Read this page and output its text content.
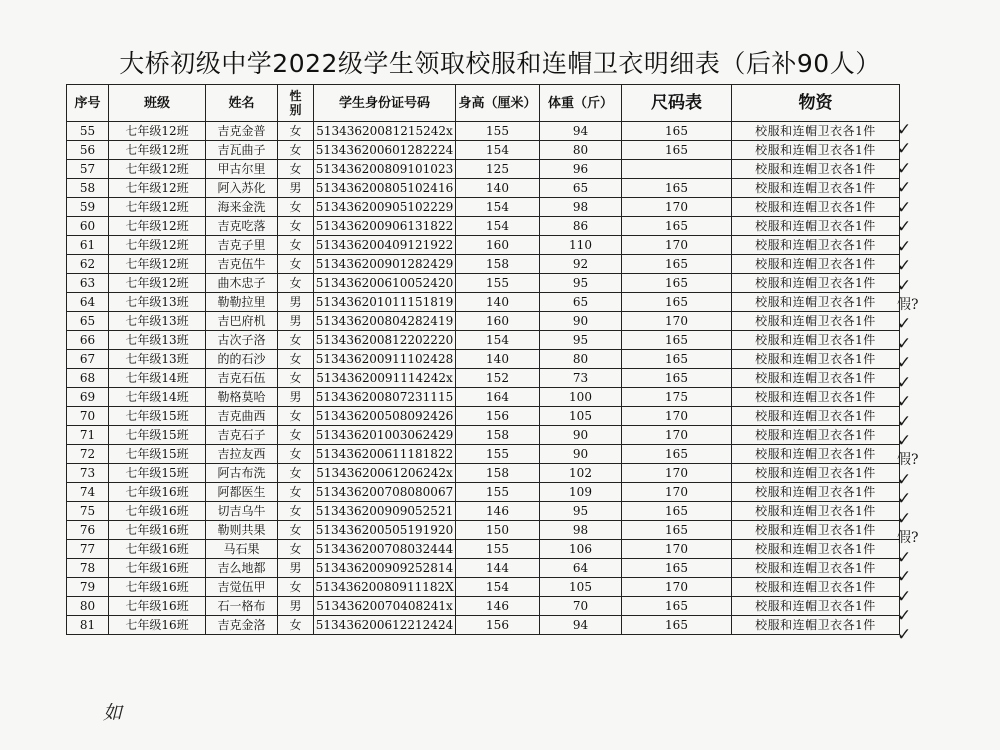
大桥初级中学2022级学生领取校服和连帽卫衣明细表（后补90人）
序号	班级	姓名	性别	学生身份证号码	身高（厘米）	体重（斤）	尺码表	物资
55	七年级12班	吉克金普	女	51343620081215242x	155	94	165	校服和连帽卫衣各1件
56	七年级12班	吉瓦曲子	女	513436200601282224	154	80	165	校服和连帽卫衣各1件
57	七年级12班	甲古尔里	女	513436200809101023	125	96		校服和连帽卫衣各1件
58	七年级12班	阿入苏化	男	513436200805102416	140	65	165	校服和连帽卫衣各1件
59	七年级12班	海来金洗	女	513436200905102229	154	98	170	校服和连帽卫衣各1件
60	七年级12班	吉克吃落	女	513436200906131822	154	86	165	校服和连帽卫衣各1件
61	七年级12班	吉克子里	女	513436200409121922	160	110	170	校服和连帽卫衣各1件
62	七年级12班	吉克伍牛	女	513436200901282429	158	92	165	校服和连帽卫衣各1件
63	七年级12班	曲木忠子	女	513436200610052420	155	95	165	校服和连帽卫衣各1件
64	七年级13班	勒勒拉里	男	513436201011151819	140	65	165	校服和连帽卫衣各1件
65	七年级13班	吉巴府机	男	513436200804282419	160	90	170	校服和连帽卫衣各1件
66	七年级13班	古次子洛	女	513436200812202220	154	95	165	校服和连帽卫衣各1件
67	七年级13班	的的石沙	女	513436200911102428	140	80	165	校服和连帽卫衣各1件
68	七年级14班	吉克石伍	女	51343620091114242x	152	73	165	校服和连帽卫衣各1件
69	七年级14班	勒格莫哈	男	513436200807231115	164	100	175	校服和连帽卫衣各1件
70	七年级15班	吉克曲西	女	513436200508092426	156	105	170	校服和连帽卫衣各1件
71	七年级15班	吉克石子	女	513436201003062429	158	90	170	校服和连帽卫衣各1件
72	七年级15班	吉拉友西	女	513436200611181822	155	90	165	校服和连帽卫衣各1件
73	七年级15班	阿古布洗	女	51343620061206242x	158	102	170	校服和连帽卫衣各1件
74	七年级16班	阿都医生	女	513436200708080067	155	109	170	校服和连帽卫衣各1件
75	七年级16班	切吉乌牛	女	513436200909052521	146	95	165	校服和连帽卫衣各1件
76	七年级16班	勒则共果	女	513436200505191920	150	98	165	校服和连帽卫衣各1件
77	七年级16班	马石果	女	513436200708032444	155	106	170	校服和连帽卫衣各1件
78	七年级16班	吉么地都	男	513436200909252814	144	64	165	校服和连帽卫衣各1件
79	七年级16班	吉觉伍甲	女	51343620080911182X	154	105	170	校服和连帽卫衣各1件
80	七年级16班	石一格布	男	51343620070408241x	146	70	165	校服和连帽卫衣各1件
81	七年级16班	吉克金洛	女	513436200612212424	156	94	165	校服和连帽卫衣各1件
✓
✓
✓
✓
✓
✓
✓
✓
✓
假?
✓
✓
✓
✓
✓
✓
✓
假?
✓
✓
✓
假?
✓
✓
✓
✓
✓
如
